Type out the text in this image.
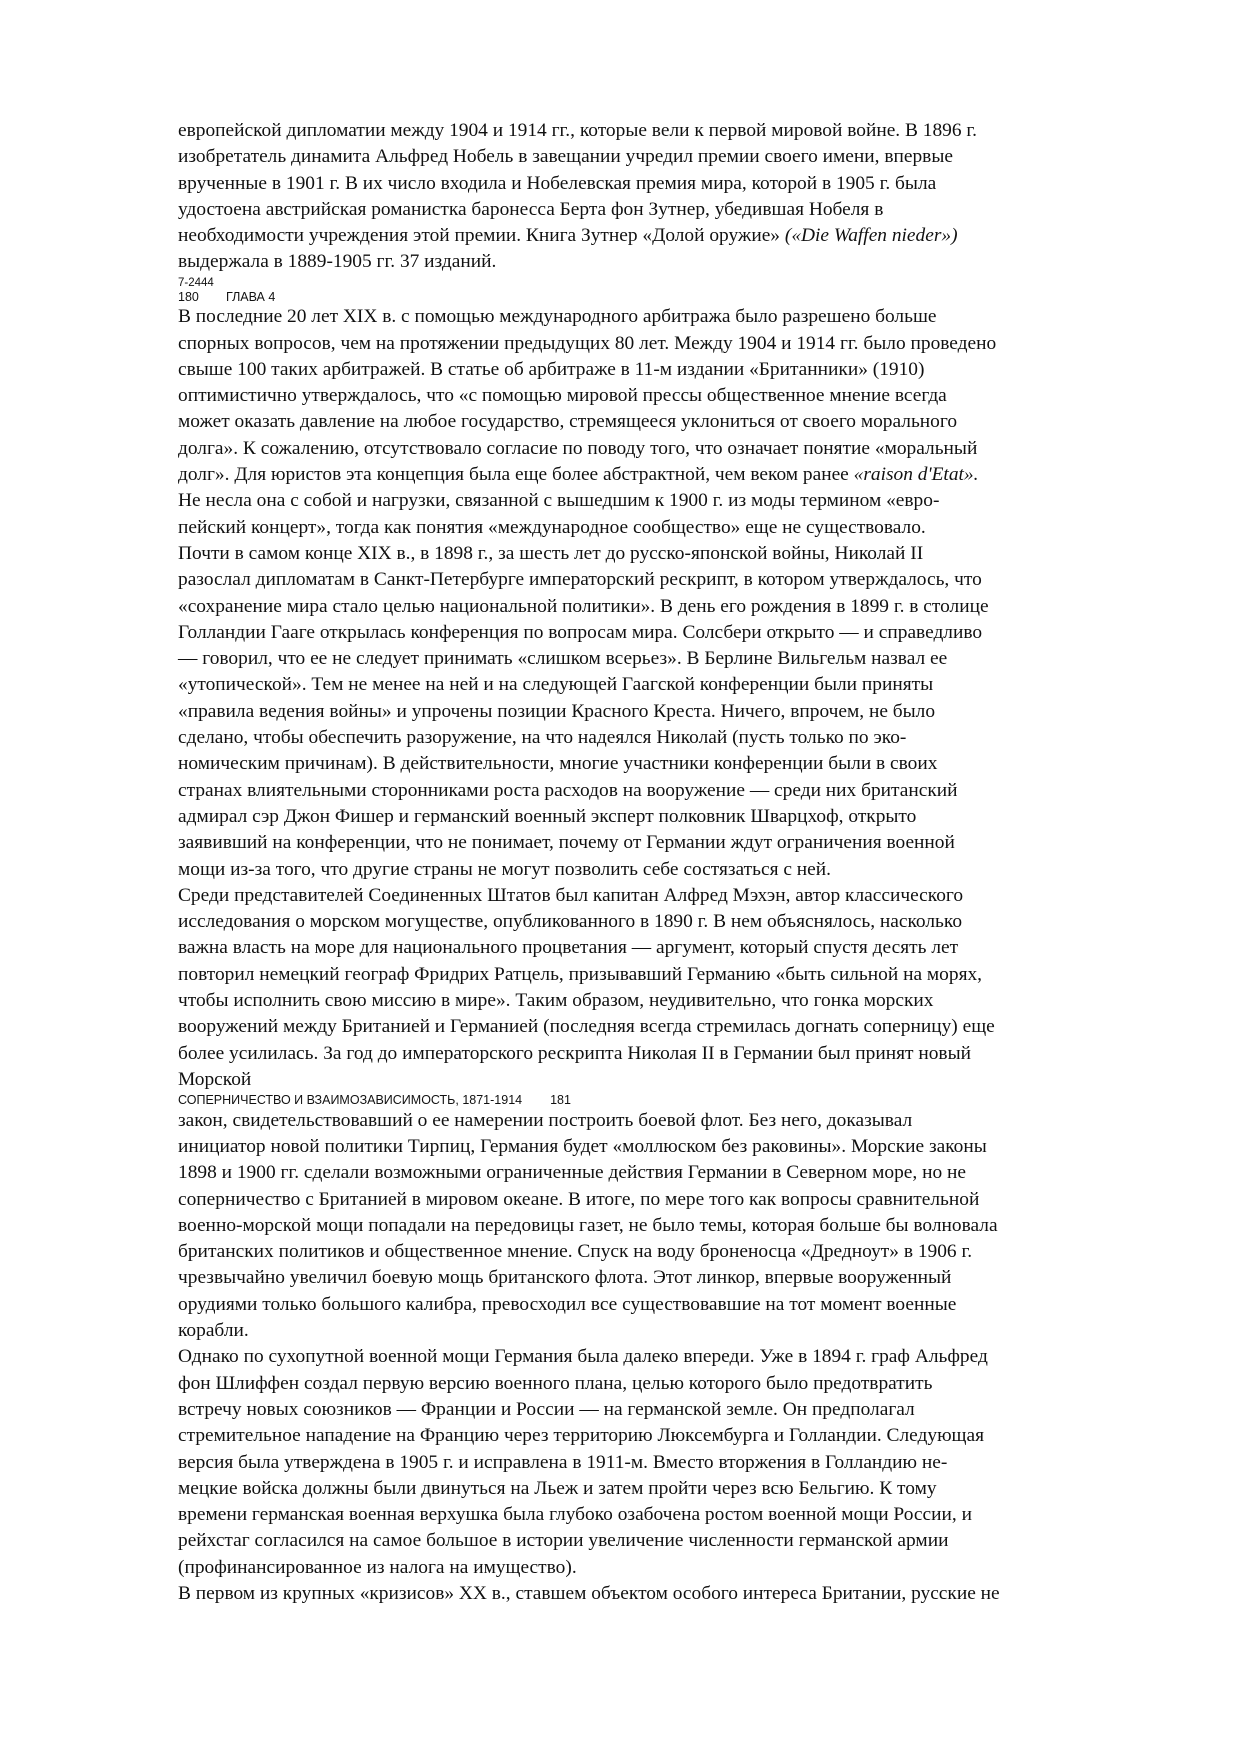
европейской дипломатии между 1904 и 1914 гг., которые вели к первой мировой войне. В 1896 г.
изобретатель динамита Альфред Нобель в завещании учредил премии своего имени, впервые
врученные в 1901 г. В их число входила и Нобелевская премия мира, которой в 1905 г. была
удостоена австрийская романистка баронесса Берта фон Зутнер, убедившая Нобеля в
необходимости учреждения этой премии. Книга Зутнер «Долой оружие» («Die Waffen nieder»)
выдержала в 1889-1905 гг. 37 изданий.
7-2444
180 ГЛАВА 4
В последние 20 лет XIX в. с помощью международного арбитража было разрешено больше
спорных вопросов, чем на протяжении предыдущих 80 лет. Между 1904 и 1914 гг. было проведено
свыше 100 таких арбитражей. В статье об арбитраже в 11-м издании «Британники» (1910)
оптимистично утверждалось, что «с помощью мировой прессы общественное мнение всегда
может оказать давление на любое государство, стремящееся уклониться от своего морального
долга». К сожалению, отсутствовало согласие по поводу того, что означает понятие «моральный
долг». Для юристов эта концепция была еще более абстрактной, чем веком ранее «raison d'Etat».
Не несла она с собой и нагрузки, связанной с вышедшим к 1900 г. из моды термином «евро-
пейский концерт», тогда как понятия «международное сообщество» еще не существовало.
Почти в самом конце XIX в., в 1898 г., за шесть лет до русско-японской войны, Николай II
разослал дипломатам в Санкт-Петербурге императорский рескрипт, в котором утверждалось, что
«сохранение мира стало целью национальной политики». В день его рождения в 1899 г. в столице
Голландии Гааге открылась конференция по вопросам мира. Солсбери открыто — и справедливо
— говорил, что ее не следует принимать «слишком всерьез». В Берлине Вильгельм назвал ее
«утопической». Тем не менее на ней и на следующей Гаагской конференции были приняты
«правила ведения войны» и упрочены позиции Красного Креста. Ничего, впрочем, не было
сделано, чтобы обеспечить разоружение, на что надеялся Николай (пусть только по эко-
номическим причинам). В действительности, многие участники конференции были в своих
странах влиятельными сторонниками роста расходов на вооружение — среди них британский
адмирал сэр Джон Фишер и германский военный эксперт полковник Шварцхоф, открыто
заявивший на конференции, что не понимает, почему от Германии ждут ограничения военной
мощи из-за того, что другие страны не могут позволить себе состязаться с ней.
Среди представителей Соединенных Штатов был капитан Алфред Мэхэн, автор классического
исследования о морском могуществе, опубликованного в 1890 г. В нем объяснялось, насколько
важна власть на море для национального процветания — аргумент, который спустя десять лет
повторил немецкий географ Фридрих Ратцель, призывавший Германию «быть сильной на морях,
чтобы исполнить свою миссию в мире». Таким образом, неудивительно, что гонка морских
вооружений между Британией и Германией (последняя всегда стремилась догнать соперницу) еще
более усилилась. За год до императорского рескрипта Николая II в Германии был принят новый
Морской
СОПЕРНИЧЕСТВО И ВЗАИМОЗАВИСИМОСТЬ, 1871-1914 181
закон, свидетельствовавший о ее намерении построить боевой флот. Без него, доказывал
инициатор новой политики Тирпиц, Германия будет «моллюском без раковины». Морские законы
1898 и 1900 гг. сделали возможными ограниченные действия Германии в Северном море, но не
соперничество с Британией в мировом океане. В итоге, по мере того как вопросы сравнительной
военно-морской мощи попадали на передовицы газет, не было темы, которая больше бы волновала
британских политиков и общественное мнение. Спуск на воду броненосца «Дредноут» в 1906 г.
чрезвычайно увеличил боевую мощь британского флота. Этот линкор, впервые вооруженный
орудиями только большого калибра, превосходил все существовавшие на тот момент военные
корабли.
Однако по сухопутной военной мощи Германия была далеко впереди. Уже в 1894 г. граф Альфред
фон Шлиффен создал первую версию военного плана, целью которого было предотвратить
встречу новых союзников — Франции и России — на германской земле. Он предполагал
стремительное нападение на Францию через территорию Люксембурга и Голландии. Следующая
версия была утверждена в 1905 г. и исправлена в 1911-м. Вместо вторжения в Голландию не-
мецкие войска должны были двинуться на Льеж и затем пройти через всю Бельгию. К тому
времени германская военная верхушка была глубоко озабочена ростом военной мощи России, и
рейхстаг согласился на самое большое в истории увеличение численности германской армии
(профинансированное из налога на имущество).
В первом из крупных «кризисов» XX в., ставшем объектом особого интереса Британии, русские не
